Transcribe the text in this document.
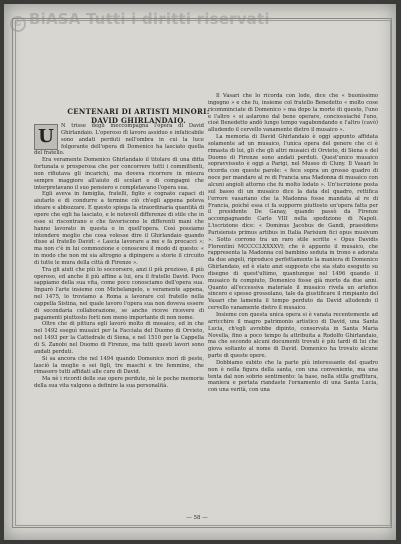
© BiASA Tutti i diritti riservati
CENTENARI DI ARTISTI MINORI: DAVID GHIRLANDAIO.
U	N trisse degli ineccompagna l'opera di David Ghirlandaio. L'operoso di lavoro assiduo e infaticabile sono andati perduti nell'ombra in cui la luce folgorante dell'opera di Domenico ha lasciato quella del fratello.

Era veramente Domenico Ghirlandaio il titolare di una ditta fortunata e prosperosa che per concorrere tutti i committenti, non rifiutava gli incarichi, ma doveva ricorrere in misura sempre maggiore all'aiuto di scolari e di compagni che interpretavano il suo pensiero e completavano l'opera sua.

Egli aveva in famiglia, fratelli, figlio e cognato capaci di aiutarlo e di condurre a termine ciò ch'egli appena poteva ideare e abbozzare. E questo spiega la straordinaria quantità di opere che egli ha lasciato, e le notevoli differenze di stile che in esse si riscontrano e che favoriscono le differenti mani che hanno lavorato in questa o in quell'opera. Così possiamo intendere meglio che cosa volesse dire il Ghirlandaio quando disse al fratello David: « Lascia lavorare a me e fa procacci »; ma non c'è in lui commozione e conoscere il modo di questo: « in modo che non mi sia altrogno a dipingere a storie il circuito di tutte le mura della città di Firenze ».

Tra gli aiuti che più lo soccorsero, anzi il più prezioso, il più operoso, ed anche il più affine a lui, era il fratello David. Poco sappiamo della sua vita, come poco conosciamo dell'opera sua. Imparò l'arte insieme con Michelangelo, e veramente appena, nel 1475, lo troviamo a Roma a lavorare col fratello nella cappella Sistina, nel quale lavoro l'opera sua non doveva essere di secondaria collaborazione, se anche riceve ricevere di pagamenti piuttosto forti non meno importante di non nome.

Oltre che di pittura egli lavorò molto di mosaico, ed in che nel 1492 eseguì musaici per la Facciata del Duomo di Orvieto, nel 1493 per la Cattedrale di Siena, e nel 1510 per la Cappella di S. Zanobi nel Duomo di Firenze, ma tutti questi lavori sono andati perduti.

Si sa ancora che nel 1494 quando Domenico morì di peste, lasciò la moglie e sei figli, tre maschi e tre femmine, che rimasero tutti affidati alle cure di David.

Ma nè i ricordi delle sue opere perdute, nè le poche memorie della sua vita valgono a definire la sua personalità.

Il Vasari che lo ricorda con lode, dice che « buonissimo ingegno » e che fu, insieme col fratello Benedetto « molto cose ricomminciate di Domenico » ma dopo la morte di questo, l'uno e l'altro « si aslarono dal bene operare, conciossiaché l'uno, cioè Benedetto andò lungo tempo vagabondando e l'altro (cavò) alludendo il cervello vanamente dietro il musaico ».

La memoria di David Ghirlandaio è oggi appunto affidata solamente ad un musaico, l'unica opera del genere che ci è rimasta di lui, gli che gli altri musaici di Orvieto, di Siena e del Duomo di Firenze sono andati perduti. Quest'unico musaico sopravvissuto è oggi a Parigi, nel Museo di Cluny. Il Vasari lo ricorda con queste parole: « fece sopra un grosso quadro di noce per mandare al re di Francia una Madonna di musaico con alcuni angioli attorno che fu molto lodato ». Un'iscrizione posta sul basso di un musaico dice la data del quadro, rettifica l'errore vasariano che la Madonna fosse mandata al re di Francia, poiché essa ci fa supporre piuttosto un'opera fatta per il presidente De Ganay, quando passò da Firenze accompagnando Carlo VIII nella spedizione di Napoli. L'iscrizione dice: « Dominus Jacobus de Gandi, praesidens Parisiensis primus artibus in Italia Parisium fici opus musivum ». Sotto corrono tra un raro stile scritte « Opus Davidis Florentini MCCCCLXXXXVI; che è appunto il musaico, che rappresenta la Madonna col bambino seduta in trono e adorata da due angeli, riproduce perfettamente la maniera di Domenico Ghirlandaio, ed è stato anzi supposto che sia stato eseguito su disegno di quest'ultimo, quantunque nel 1496 quando il musaico fu compiuto, Domenico fosse già morto da due anni. Quanto all'eccessiva materiale il musaico rivela un artefice sincero e spesso grossolano, tale da giustificare il rimpianto del Vasari che lamenta il tempo perduto da David alludendo il cervello vanamente dietro il musaico.

Insieme con questa unica opera si è vanata recentemente ad arricchire il magro patrimonio artistico di David, una Santa Lucia, ch'egli avrebbe dipinto, conservata in Santa Maria Novella, fino a poco tempo fa attribuita a Rodolfo Ghirlandaio, ma che secondo alcuni documenti trovati è più tardi di lui che giova soltanto al nome di David. Domenico ha trovato alcune parte di queste opere.

Dobbiamo subito che la parte più interessante del quadro non è nella figura della santa, con una conveniente, ma una tenta dal non sobrio sentimento: la base, nella stilla graffitura, maniera e portata riandaste l'ornamento di una Santa Lucia, con una verità, con una

— 58 —
